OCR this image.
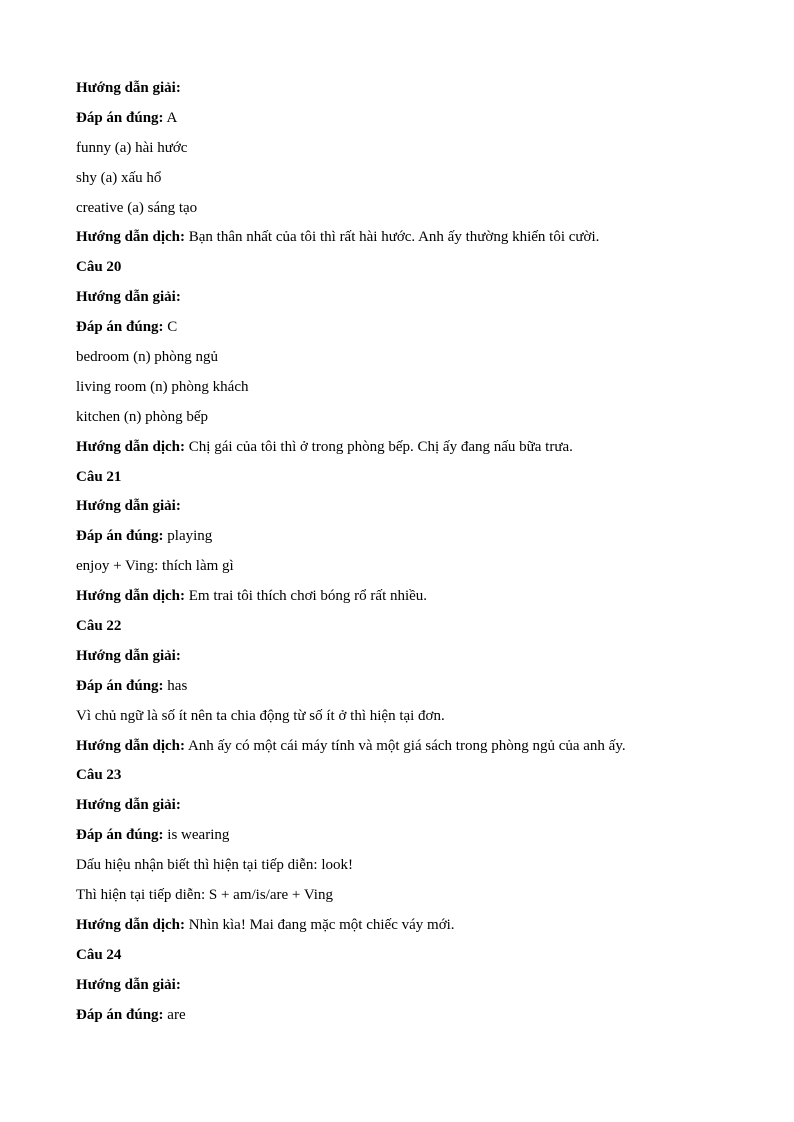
Hướng dẫn giải:
Đáp án đúng: A
funny (a) hài hước
shy (a) xấu hổ
creative (a) sáng tạo
Hướng dẫn dịch: Bạn thân nhất của tôi thì rất hài hước. Anh ấy thường khiến tôi cười.
Câu 20
Hướng dẫn giải:
Đáp án đúng: C
bedroom (n) phòng ngủ
living room (n) phòng khách
kitchen (n) phòng bếp
Hướng dẫn dịch: Chị gái của tôi thì ở trong phòng bếp. Chị ấy đang nấu bữa trưa.
Câu 21
Hướng dẫn giải:
Đáp án đúng: playing
enjoy + Ving: thích làm gì
Hướng dẫn dịch: Em trai tôi thích chơi bóng rổ rất nhiều.
Câu 22
Hướng dẫn giải:
Đáp án đúng: has
Vì chủ ngữ là số ít nên ta chia động từ số ít ở thì hiện tại đơn.
Hướng dẫn dịch: Anh ấy có một cái máy tính và một giá sách trong phòng ngủ của anh ấy.
Câu 23
Hướng dẫn giải:
Đáp án đúng: is wearing
Dấu hiệu nhận biết thì hiện tại tiếp diễn: look!
Thì hiện tại tiếp diễn: S + am/is/are + Ving
Hướng dẫn dịch: Nhìn kìa! Mai đang mặc một chiếc váy mới.
Câu 24
Hướng dẫn giải:
Đáp án đúng: are
